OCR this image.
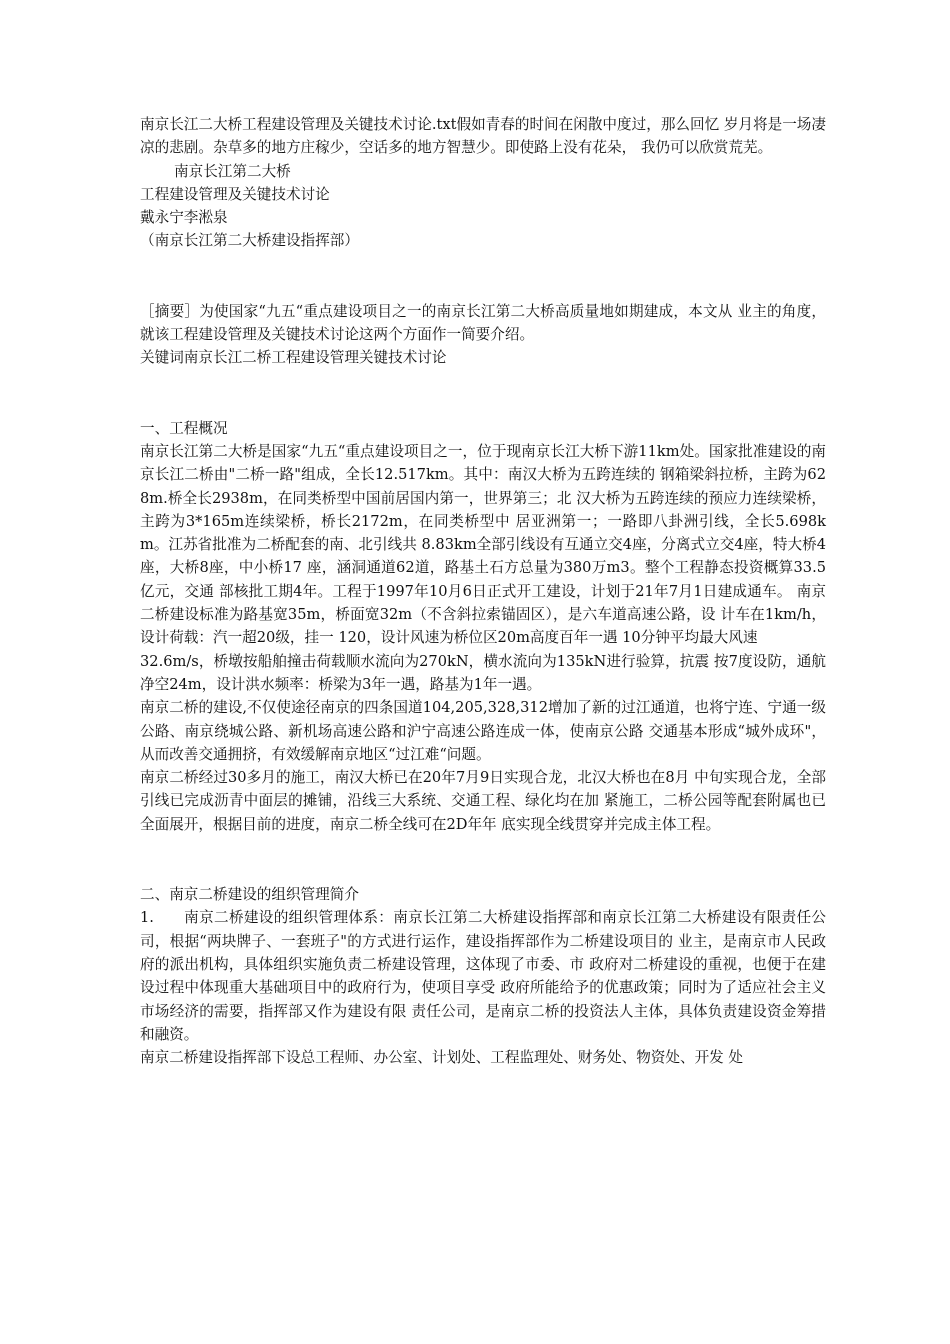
南京长江二大桥工程建设管理及关键技术讨论.txt假如青春的时间在闲散中度过，那么回忆 岁月将是一场凄凉的悲剧。杂草多的地方庄稼少，空话多的地方智慧少。即使路上没有花朵， 我仍可以欣赏荒芜。

南京长江第二大桥

工程建设管理及关键技术讨论

戴永宁李淞泉

（南京长江第二大桥建设指挥部）

［摘要］为使国家“九五“重点建设项目之一的南京长江第二大桥高质量地如期建成，本文从 业主的角度，就该工程建设管理及关键技术讨论这两个方面作一简要介绍。

关键词南京长江二桥工程建设管理关键技术讨论

一、工程概况

南京长江第二大桥是国家“九五“重点建设项目之一，位于现南京长江大桥下游11km处。国家批准建设的南京长江二桥由"二桥一路"组成，全长12.517km。其中：南汉大桥为五跨连续的 钢箱梁斜拉桥，主跨为628m.桥全长2938m，在同类桥型中国前居国内第一，世界第三；北 汉大桥为五跨连续的预应力连续梁桥，主跨为3*165m连续梁桥，桥长2172m，在同类桥型中 居亚洲第一；一路即八卦洲引线，全长5.698km。江苏省批准为二桥配套的南、北引线共 8.83km全部引线设有互通立交4座，分离式立交4座，特大桥4座，大桥8座，中小桥17 座，涵洞通道62道，路基土石方总量为380万m3。整个工程静态投资概算33.5亿元，交通 部核批工期4年。工程于1997年10月6日正式开工建设，计划于21年7月1日建成通车。 南京二桥建设标准为路基宽35m，桥面宽32m（不含斜拉索锚固区），是六车道高速公路，设 计车在1km/h，设计荷载：汽一超20级，挂一 120，设计风速为桥位区20m高度百年一遇 10分钟平均最大风速

32.6m/s，桥墩按船舶撞击荷载顺水流向为270kN，横水流向为135kN进行验算，抗震 按7度设防，通航净空24m，设计洪水频率：桥梁为3年一遇，路基为1年一遇。

南京二桥的建设,不仅使途径南京的四条国道104,205,328,312增加了新的过江通道，也将宁连、宁通一级公路、南京绕城公路、新机场高速公路和沪宁高速公路连成一体，使南京公路 交通基本形成“城外成环"，从而改善交通拥挤，有效缓解南京地区“过江难“问题。

南京二桥经过30多月的施工，南汉大桥已在20年7月9日实现合龙，北汉大桥也在8月 中旬实现合龙，全部引线已完成沥青中面层的摊铺，沿线三大系统、交通工程、绿化均在加 紧施工，二桥公园等配套附属也已全面展开，根据目前的进度，南京二桥全线可在2D年年 底实现全线贯穿并完成主体工程。

二、南京二桥建设的组织管理简介

1.　　南京二桥建设的组织管理体系：南京长江第二大桥建设指挥部和南京长江第二大桥建设有限责任公司，根据“两块牌子、一套班子"的方式进行运作，建设指挥部作为二桥建设项目的 业主，是南京市人民政府的派出机构，具体组织实施负责二桥建设管理，这体现了市委、市 政府对二桥建设的重视，也便于在建设过程中体现重大基础项目中的政府行为，使项目享受 政府所能给予的优惠政策；同时为了适应社会主义市场经济的需要，指挥部又作为建设有限 责任公司，是南京二桥的投资法人主体，具体负责建设资金筹措和融资。

南京二桥建设指挥部下设总工程师、办公室、计划处、工程监理处、财务处、物资处、开发 处
